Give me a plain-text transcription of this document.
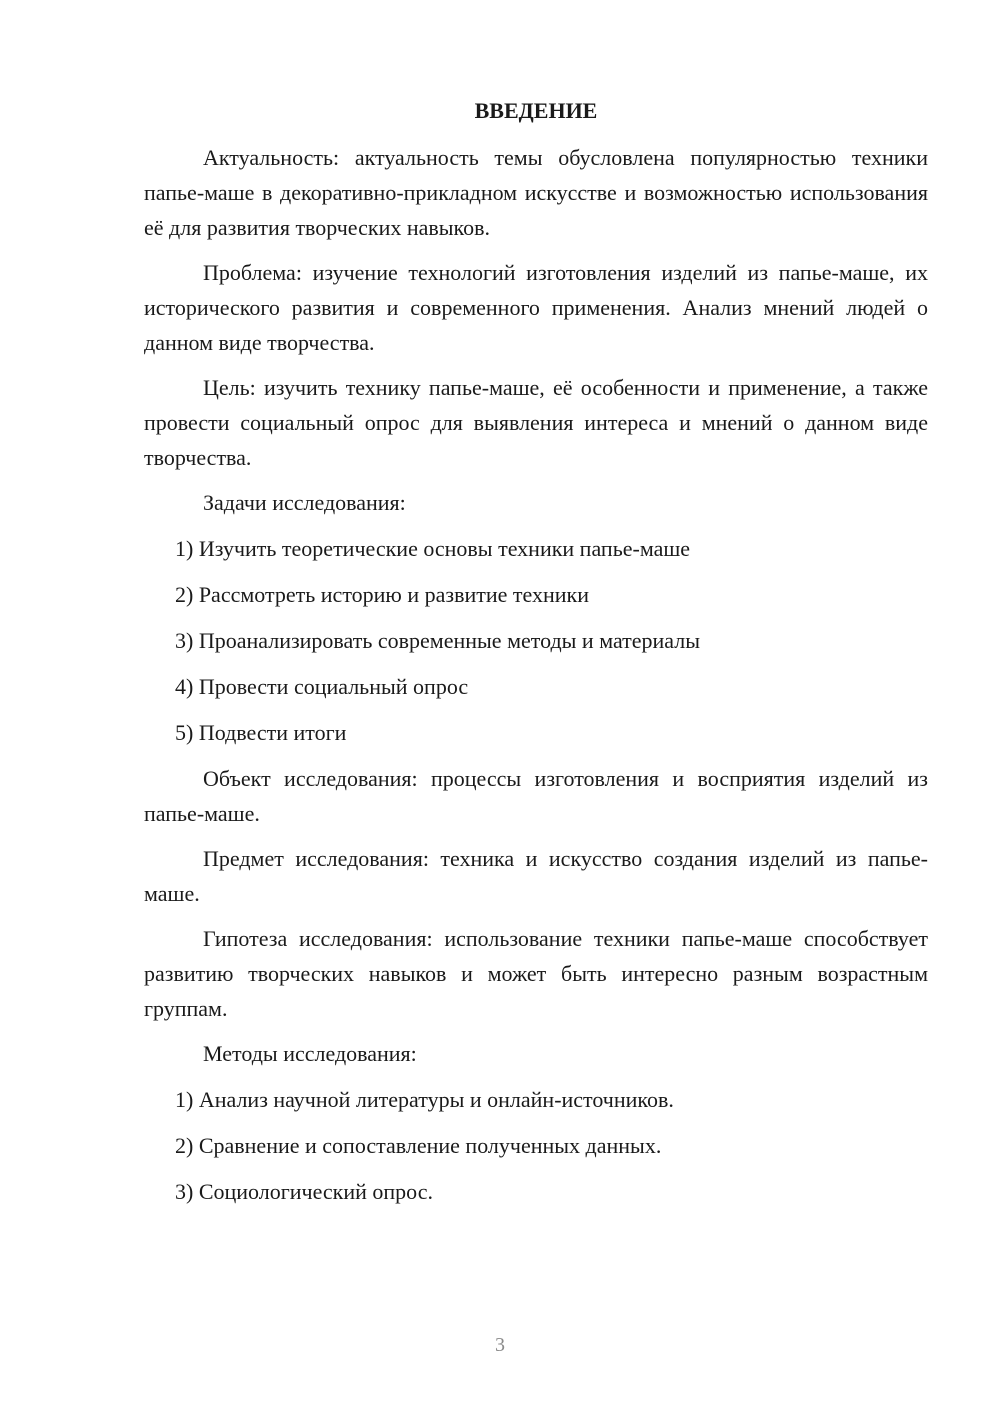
ВВЕДЕНИЕ

Актуальность: актуальность темы обусловлена популярностью техники папье-маше в декоративно-прикладном искусстве и возможностью использования её для развития творческих навыков.

Проблема: изучение технологий изготовления изделий из папье-маше, их исторического развития и современного применения. Анализ мнений людей о данном виде творчества.

Цель: изучить технику папье-маше, её особенности и применение, а также провести социальный опрос для выявления интереса и мнений о данном виде творчества.

Задачи исследования:
1) Изучить теоретические основы техники папье-маше
2) Рассмотреть историю и развитие техники
3) Проанализировать современные методы и материалы
4) Провести социальный опрос
5) Подвести итоги

Объект исследования: процессы изготовления и восприятия изделий из папье-маше.

Предмет исследования: техника и искусство создания изделий из папье-маше.

Гипотеза исследования: использование техники папье-маше способствует развитию творческих навыков и может быть интересно разным возрастным группам.

Методы исследования:
1) Анализ научной литературы и онлайн-источников.
2) Сравнение и сопоставление полученных данных.
3) Социологический опрос.
3
